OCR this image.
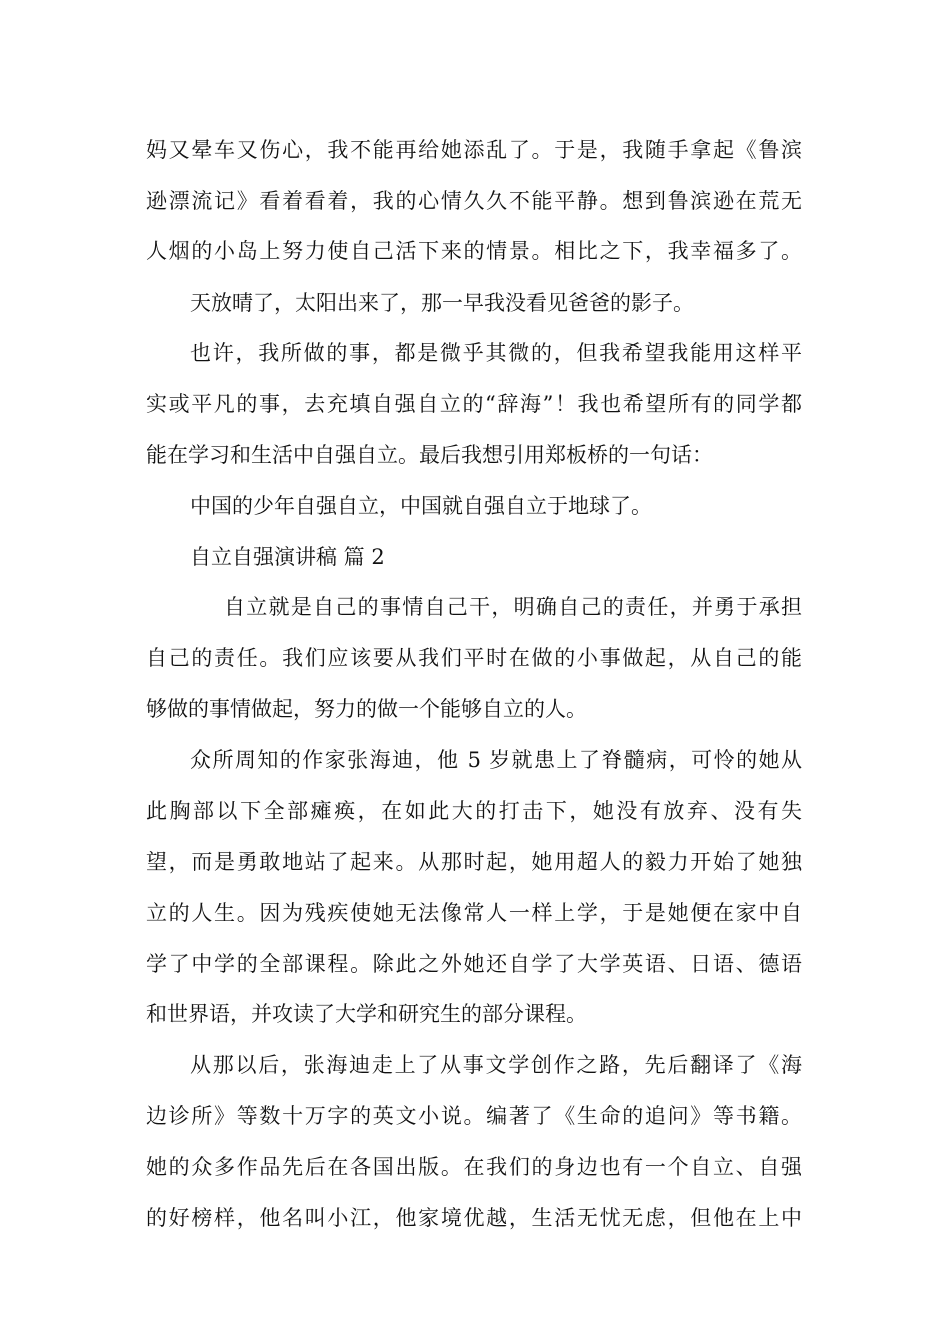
妈又晕车又伤心，我不能再给她添乱了。于是，我随手拿起《鲁滨
逊漂流记》看着看着，我的心情久久不能平静。想到鲁滨逊在荒无
人烟的小岛上努力使自己活下来的情景。相比之下，我幸福多了。
天放晴了，太阳出来了，那一早我没看见爸爸的影子。
也许，我所做的事，都是微乎其微的，但我希望我能用这样平
实或平凡的事，去充填自强自立的“辞海”！我也希望所有的同学都
能在学习和生活中自强自立。最后我想引用郑板桥的一句话：
中国的少年自强自立，中国就自强自立于地球了。
自立自强演讲稿 篇 2
自立就是自己的事情自己干，明确自己的责任，并勇于承担
自己的责任。我们应该要从我们平时在做的小事做起，从自己的能
够做的事情做起，努力的做一个能够自立的人。
众所周知的作家张海迪，他 5 岁就患上了脊髓病，可怜的她从
此胸部以下全部瘫痪，在如此大的打击下，她没有放弃、没有失
望，而是勇敢地站了起来。从那时起，她用超人的毅力开始了她独
立的人生。因为残疾使她无法像常人一样上学，于是她便在家中自
学了中学的全部课程。除此之外她还自学了大学英语、日语、德语
和世界语，并攻读了大学和研究生的部分课程。
从那以后，张海迪走上了从事文学创作之路，先后翻译了《海
边诊所》等数十万字的英文小说。编著了《生命的追问》等书籍。
她的众多作品先后在各国出版。在我们的身边也有一个自立、自强
的好榜样，他名叫小江，他家境优越，生活无忧无虑，但他在上中
